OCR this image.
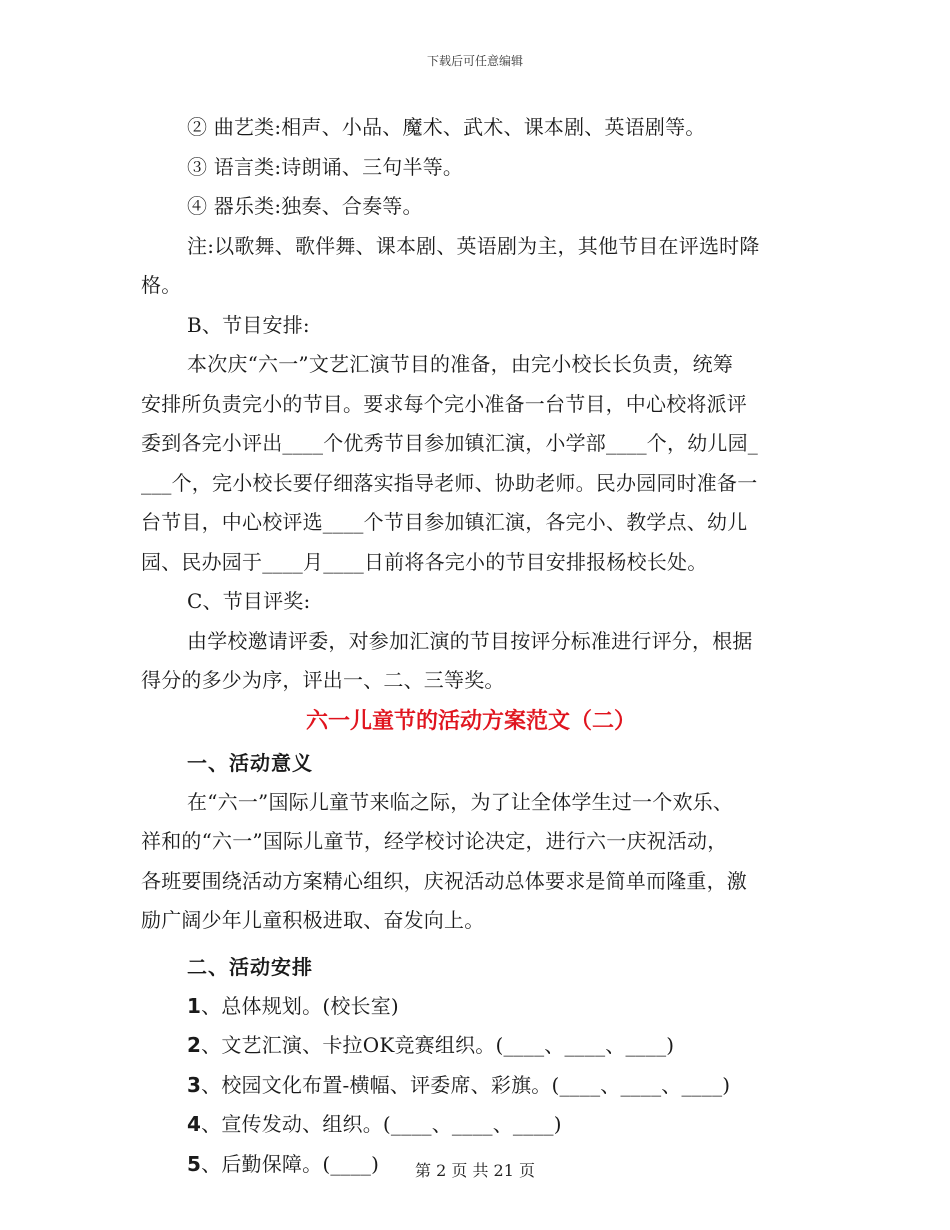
下载后可任意编辑
② 曲艺类:相声、小品、魔术、武术、课本剧、英语剧等。
③ 语言类:诗朗诵、三句半等。
④ 器乐类:独奏、合奏等。
注:以歌舞、歌伴舞、课本剧、英语剧为主，其他节目在评选时降
格。
B、节目安排:
本次庆“六一”文艺汇演节目的准备，由完小校长长负责，统筹
安排所负责完小的节目。要求每个完小准备一台节目，中心校将派评
委到各完小评出____个优秀节目参加镇汇演，小学部____个，幼儿园_
___个，完小校长要仔细落实指导老师、协助老师。民办园同时准备一
台节目，中心校评选____个节目参加镇汇演，各完小、教学点、幼儿
园、民办园于____月____日前将各完小的节目安排报杨校长处。
C、节目评奖:
由学校邀请评委，对参加汇演的节目按评分标准进行评分，根据
得分的多少为序，评出一、二、三等奖。
六一儿童节的活动方案范文（二）
一、活动意义
在“六一”国际儿童节来临之际，为了让全体学生过一个欢乐、
祥和的“六一”国际儿童节，经学校讨论决定，进行六一庆祝活动，
各班要围绕活动方案精心组织，庆祝活动总体要求是简单而隆重，激
励广阔少年儿童积极进取、奋发向上。
二、活动安排
1、总体规划。(校长室)
2、文艺汇演、卡拉OK竞赛组织。(____、____、____)
3、校园文化布置-横幅、评委席、彩旗。(____、____、____)
4、宣传发动、组织。(____、____、____)
5、后勤保障。(____)	第 2 页 共 21 页
